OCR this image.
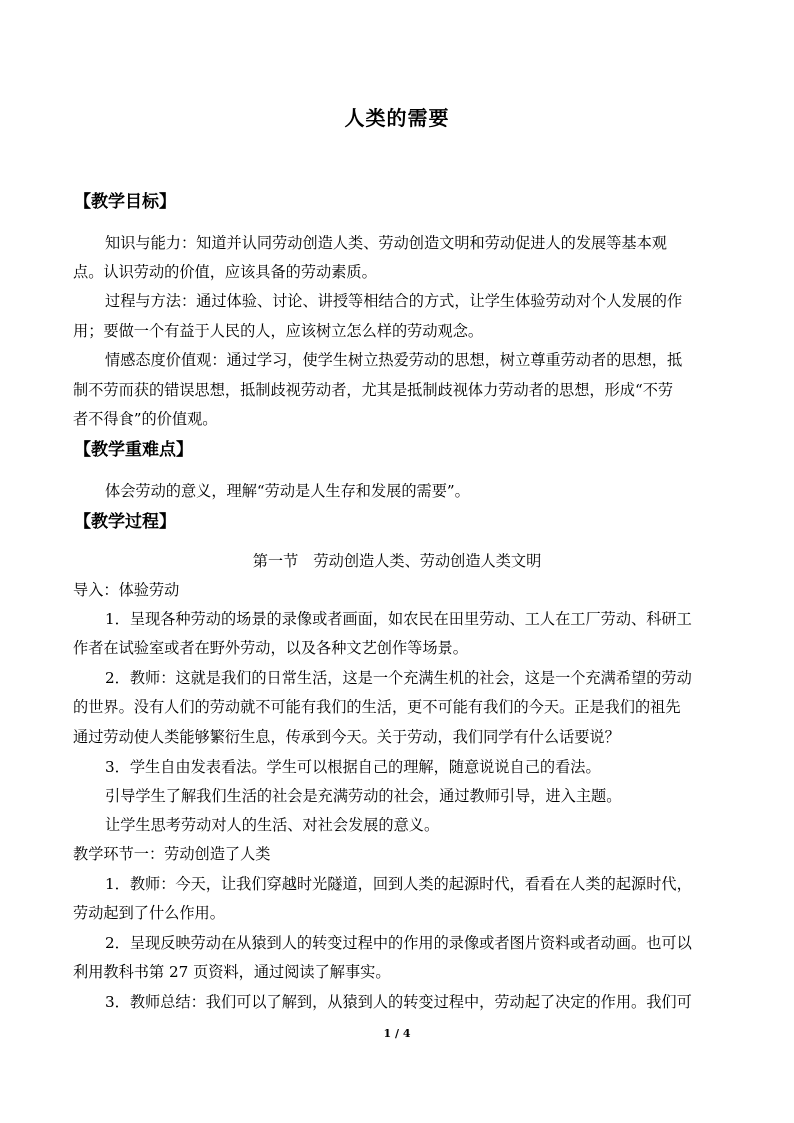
人类的需要
【教学目标】
知识与能力：知道并认同劳动创造人类、劳动创造文明和劳动促进人的发展等基本观
点。认识劳动的价值，应该具备的劳动素质。
过程与方法：通过体验、讨论、讲授等相结合的方式，让学生体验劳动对个人发展的作
用；要做一个有益于人民的人，应该树立怎么样的劳动观念。
情感态度价值观：通过学习，使学生树立热爱劳动的思想，树立尊重劳动者的思想，抵
制不劳而获的错误思想，抵制歧视劳动者，尤其是抵制歧视体力劳动者的思想，形成“不劳
者不得食”的价值观。
【教学重难点】
体会劳动的意义，理解“劳动是人生存和发展的需要”。
【教学过程】
第一节　劳动创造人类、劳动创造人类文明
导入：体验劳动
1．呈现各种劳动的场景的录像或者画面，如农民在田里劳动、工人在工厂劳动、科研工
作者在试验室或者在野外劳动，以及各种文艺创作等场景。
2．教师：这就是我们的日常生活，这是一个充满生机的社会，这是一个充满希望的劳动
的世界。没有人们的劳动就不可能有我们的生活，更不可能有我们的今天。正是我们的祖先
通过劳动使人类能够繁衍生息，传承到今天。关于劳动，我们同学有什么话要说？
3．学生自由发表看法。学生可以根据自己的理解，随意说说自己的看法。
引导学生了解我们生活的社会是充满劳动的社会，通过教师引导，进入主题。
让学生思考劳动对人的生活、对社会发展的意义。
教学环节一：劳动创造了人类
1．教师：今天，让我们穿越时光隧道，回到人类的起源时代，看看在人类的起源时代，
劳动起到了什么作用。
2．呈现反映劳动在从猿到人的转变过程中的作用的录像或者图片资料或者动画。也可以
利用教科书第 27 页资料，通过阅读了解事实。
3．教师总结：我们可以了解到，从猿到人的转变过程中，劳动起了决定的作用。我们可
1 / 4
